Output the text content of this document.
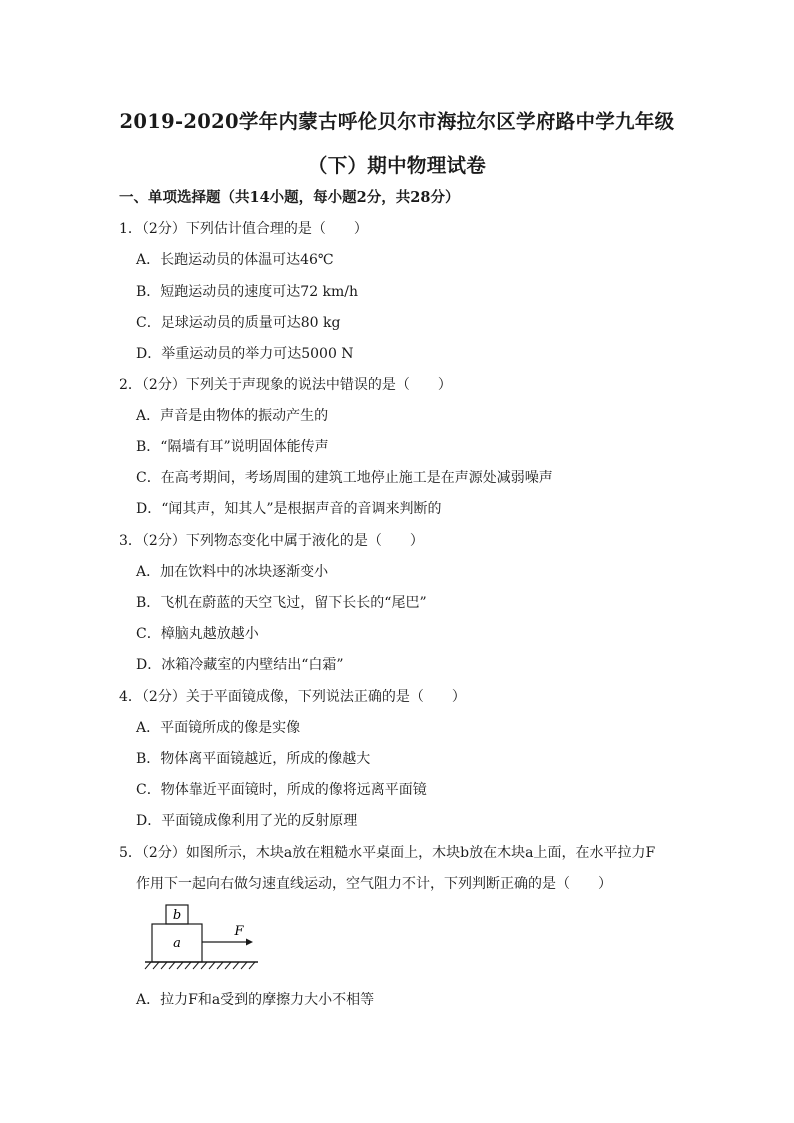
2019-2020学年内蒙古呼伦贝尔市海拉尔区学府路中学九年级
（下）期中物理试卷
一、单项选择题（共14小题，每小题2分，共28分）
1．（2分）下列估计值合理的是（　　）
A．长跑运动员的体温可达46℃
B．短跑运动员的速度可达72 km/h
C．足球运动员的质量可达80 kg
D．举重运动员的举力可达5000 N
2．（2分）下列关于声现象的说法中错误的是（　　）
A．声音是由物体的振动产生的
B．“隔墙有耳”说明固体能传声
C．在高考期间，考场周围的建筑工地停止施工是在声源处减弱噪声
D．“闻其声，知其人”是根据声音的音调来判断的
3．（2分）下列物态变化中属于液化的是（　　）
A．加在饮料中的冰块逐渐变小
B．飞机在蔚蓝的天空飞过，留下长长的“尾巴”
C．樟脑丸越放越小
D．冰箱冷藏室的内壁结出“白霜”
4．（2分）关于平面镜成像，下列说法正确的是（　　）
A．平面镜所成的像是实像
B．物体离平面镜越近，所成的像越大
C．物体靠近平面镜时，所成的像将远离平面镜
D．平面镜成像利用了光的反射原理
5．（2分）如图所示，木块a放在粗糙水平桌面上，木块b放在木块a上面，在水平拉力F
作用下一起向右做匀速直线运动，空气阻力不计，下列判断正确的是（　　）
b
a
F
A．拉力F和a受到的摩擦力大小不相等
